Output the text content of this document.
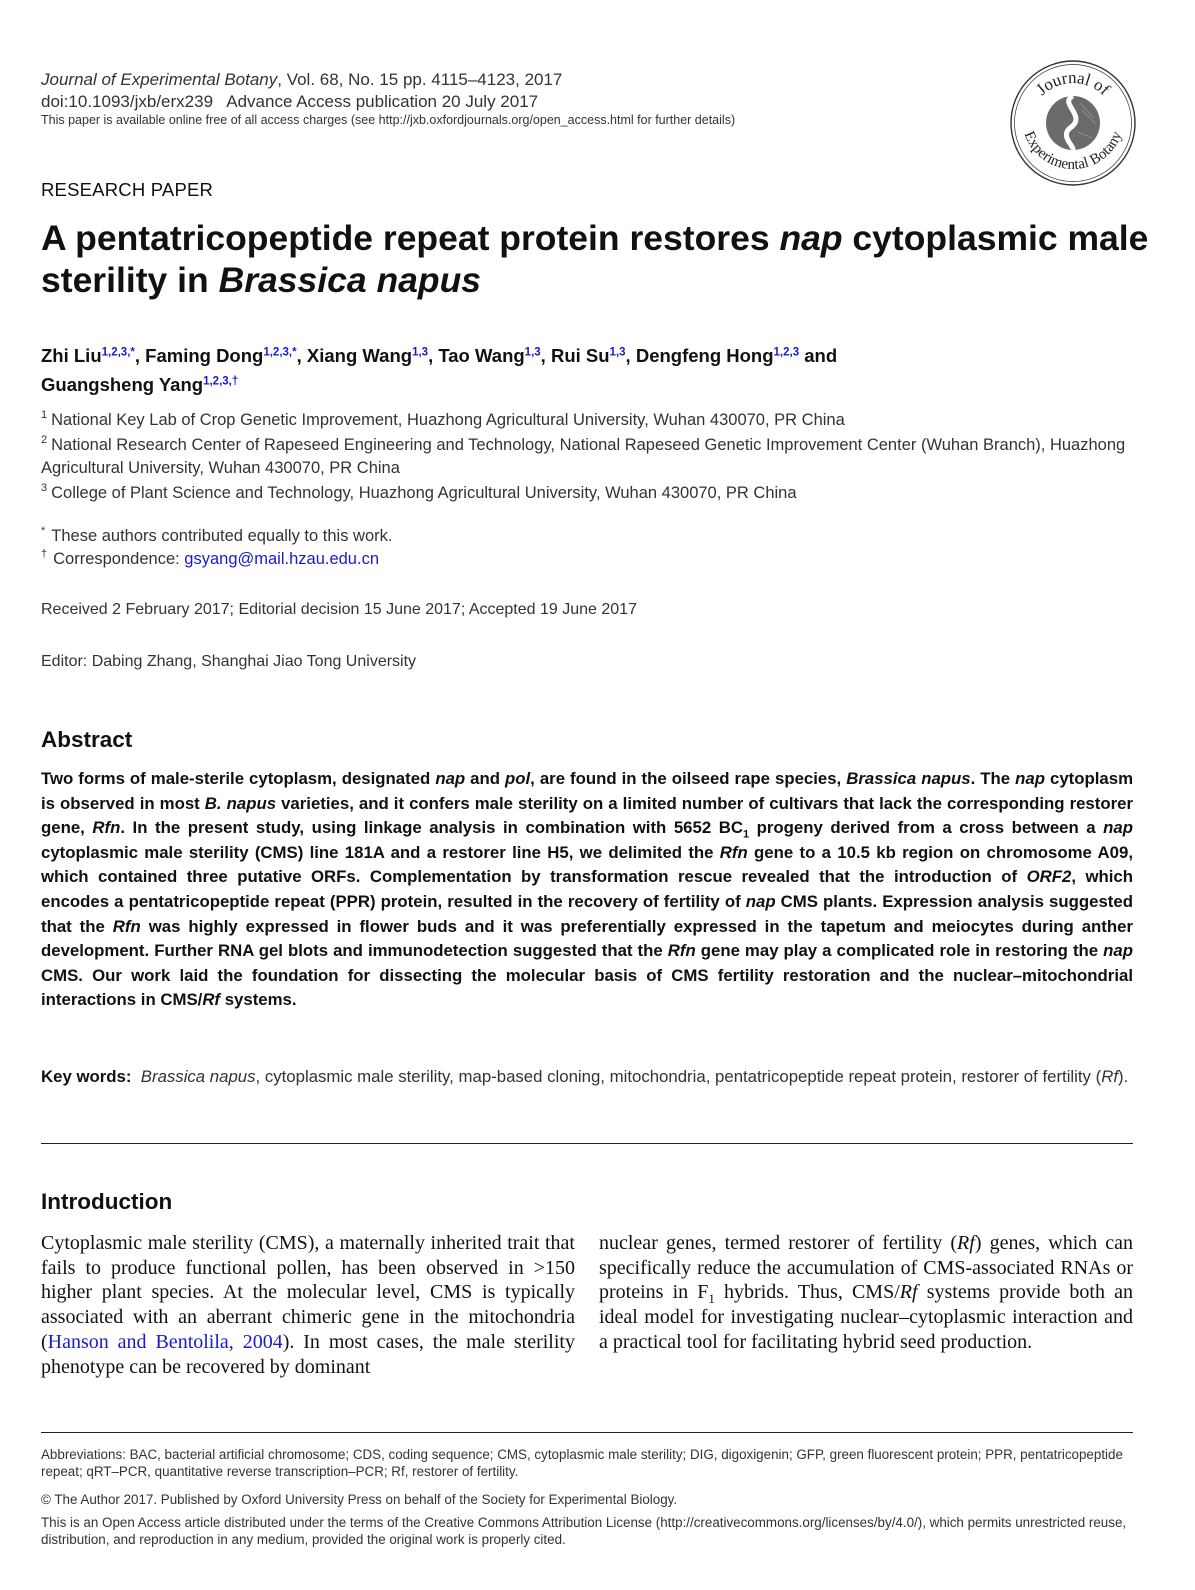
Journal of Experimental Botany, Vol. 68, No. 15 pp. 4115–4123, 2017
doi:10.1093/jxb/erx239   Advance Access publication 20 July 2017
This paper is available online free of all access charges (see http://jxb.oxfordjournals.org/open_access.html for further details)
Journal of
Experimental Botany
RESEARCH PAPER
A pentatricopeptide repeat protein restores nap cytoplasmic male sterility in Brassica napus
Zhi Liu$^{1,2,3,*}$, Faming Dong$^{1,2,3,*}$, Xiang Wang$^{1,3}$, Tao Wang$^{1,3}$, Rui Su$^{1,3}$, Dengfeng Hong$^{1,2,3}$ and
Guangsheng Yang$^{1,2,3,\dagger}$

$^1$ National Key Lab of Crop Genetic Improvement, Huazhong Agricultural University, Wuhan 430070, PR China

$^2$ National Research Center of Rapeseed Engineering and Technology, National Rapeseed Genetic Improvement Center (Wuhan Branch), Huazhong Agricultural University, Wuhan 430070, PR China

$^3$ College of Plant Science and Technology, Huazhong Agricultural University, Wuhan 430070, PR China

* These authors contributed equally to this work.

† Correspondence: gsyang@mail.hzau.edu.cn

Received 2 February 2017; Editorial decision 15 June 2017; Accepted 19 June 2017
Editor: Dabing Zhang, Shanghai Jiao Tong University
Abstract
Two forms of male-sterile cytoplasm, designated nap and pol, are found in the oilseed rape species, Brassica napus. The nap cytoplasm is observed in most B. napus varieties, and it confers male sterility on a limited number of cultivars that lack the corresponding restorer gene, Rfn. In the present study, using linkage analysis in combination with 5652 $BC_1$ progeny derived from a cross between a nap cytoplasmic male sterility (CMS) line 181A and a restorer line H5, we delimited the Rfn gene to a 10.5 kb region on chromosome A09, which contained three putative ORFs. Complementation by transformation rescue revealed that the introduction of ORF2, which encodes a pentatricopeptide repeat (PPR) protein, resulted in the recovery of fertility of nap CMS plants. Expression analysis suggested that the Rfn was highly expressed in flower buds and it was preferentially expressed in the tapetum and meiocytes during anther development. Further RNA gel blots and immunodetection suggested that the Rfn gene may play a complicated role in restoring the nap CMS. Our work laid the foundation for dissecting the molecular basis of CMS fertility restoration and the nuclear–mitochondrial interactions in CMS/Rf systems.
Key words: Brassica napus, cytoplasmic male sterility, map-based cloning, mitochondria, pentatricopeptide repeat protein, restorer of fertility (Rf).
Introduction
Cytoplasmic male sterility (CMS), a maternally inherited trait that fails to produce functional pollen, has been observed in >150 higher plant species. At the molecular level, CMS is typically associated with an aberrant chimeric gene in the mitochondria (Hanson and Bentolila, 2004). In most cases, the male sterility phenotype can be recovered by dominant
nuclear genes, termed restorer of fertility (Rf) genes, which can specifically reduce the accumulation of CMS-associated RNAs or proteins in $F_1$ hybrids. Thus, CMS/Rf systems provide both an ideal model for investigating nuclear–cytoplasmic interaction and a practical tool for facilitating hybrid seed production.
Abbreviations: BAC, bacterial artificial chromosome; CDS, coding sequence; CMS, cytoplasmic male sterility; DIG, digoxigenin; GFP, green fluorescent protein; PPR, pentatricopeptide repeat; qRT–PCR, quantitative reverse transcription–PCR; Rf, restorer of fertility.
© The Author 2017. Published by Oxford University Press on behalf of the Society for Experimental Biology.
This is an Open Access article distributed under the terms of the Creative Commons Attribution License (http://creativecommons.org/licenses/by/4.0/), which permits unrestricted reuse, distribution, and reproduction in any medium, provided the original work is properly cited.
